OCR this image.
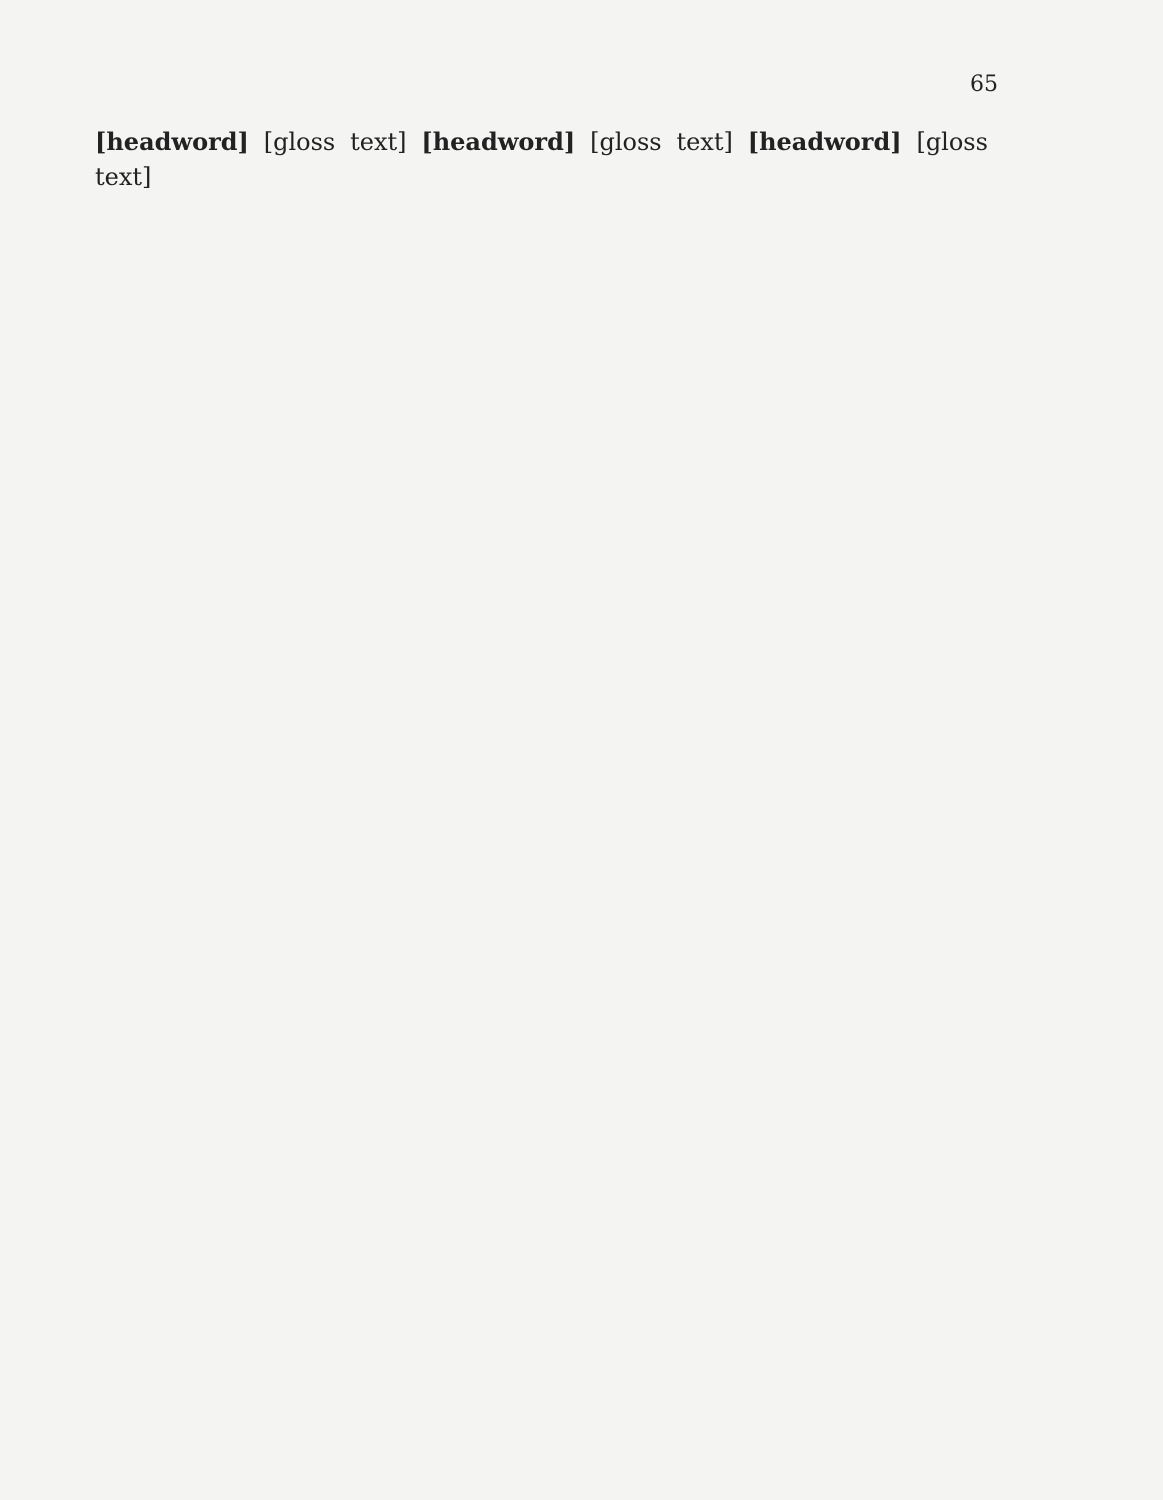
65
[headword] [gloss text] [headword] [gloss text] [headword] [gloss text]
